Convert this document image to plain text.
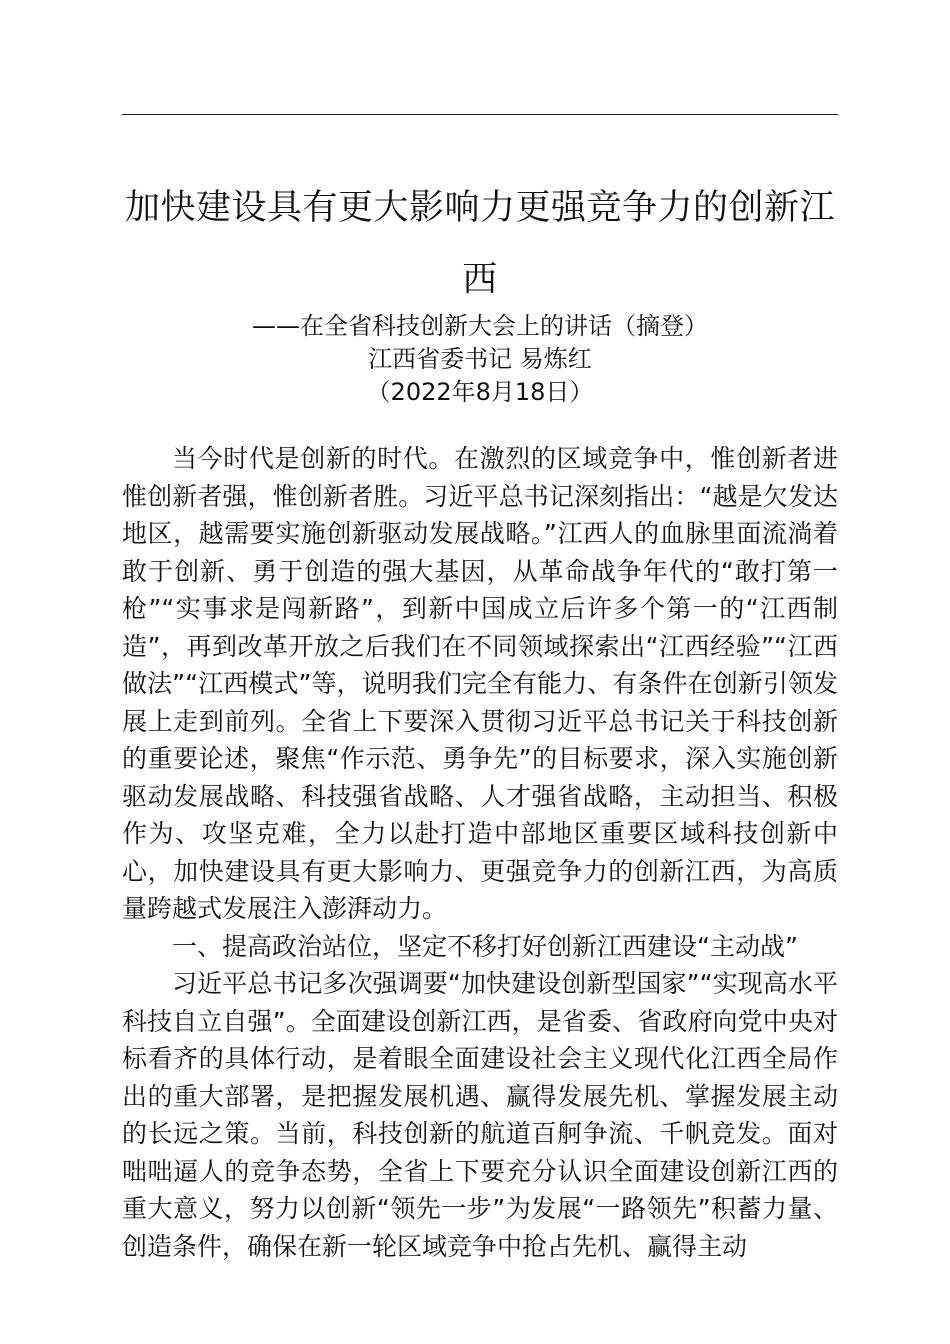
加快建设具有更大影响力更强竞争力的创新江西

——在全省科技创新大会上的讲话（摘登）

江西省委书记 易炼红

（2022年8月18日）

当今时代是创新的时代。在激烈的区域竞争中，惟创新者进惟创新者强，惟创新者胜。习近平总书记深刻指出：“越是欠发达地区，越需要实施创新驱动发展战略。”江西人的血脉里面流淌着敢于创新、勇于创造的强大基因，从革命战争年代的“敢打第一枪”“实事求是闯新路”，到新中国成立后许多个第一的“江西制造”，再到改革开放之后我们在不同领域探索出“江西经验”“江西做法”“江西模式”等，说明我们完全有能力、有条件在创新引领发展上走到前列。全省上下要深入贯彻习近平总书记关于科技创新的重要论述，聚焦“作示范、勇争先”的目标要求，深入实施创新驱动发展战略、科技强省战略、人才强省战略，主动担当、积极作为、攻坚克难，全力以赴打造中部地区重要区域科技创新中心，加快建设具有更大影响力、更强竞争力的创新江西，为高质量跨越式发展注入澎湃动力。

一、提高政治站位，坚定不移打好创新江西建设“主动战”

习近平总书记多次强调要“加快建设创新型国家”“实现高水平科技自立自强”。全面建设创新江西，是省委、省政府向党中央对标看齐的具体行动，是着眼全面建设社会主义现代化江西全局作出的重大部署，是把握发展机遇、赢得发展先机、掌握发展主动的长远之策。当前，科技创新的航道百舸争流、千帆竞发。面对咄咄逼人的竞争态势，全省上下要充分认识全面建设创新江西的重大意义，努力以创新“领先一步”为发展“一路领先”积蓄力量、创造条件，确保在新一轮区域竞争中抢占先机、赢得主动
